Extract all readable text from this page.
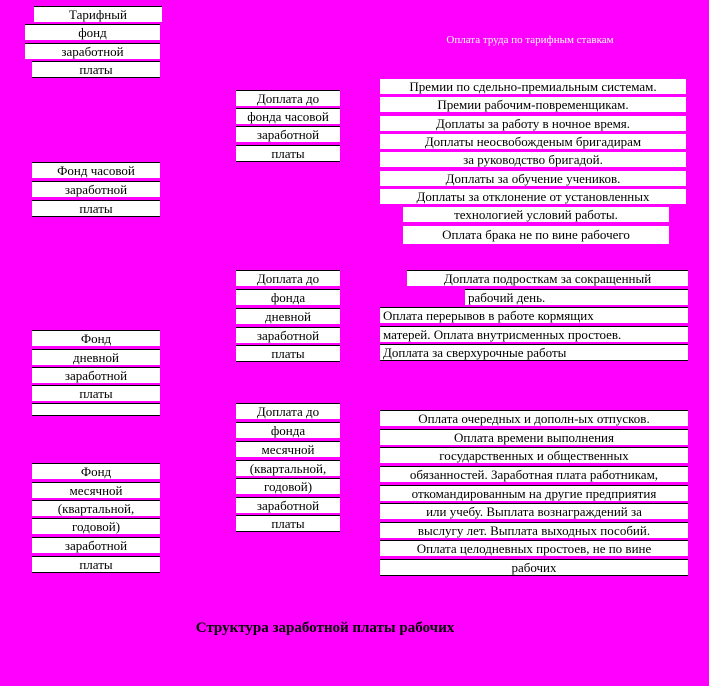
Оплата труда по тарифным ставкам
Тарифный
фонд
заработной
платы
Фонд часовой
заработной
платы
Фонд
дневной
заработной
платы
Фонд
месячной
(квартальной,
годовой)
заработной
платы
Доплата до
фонда часовой
заработной
платы
Доплата до
фонда
дневной
заработной
платы
Доплата до
фонда
месячной
(квартальной,
годовой)
заработной
платы
Премии по сдельно-премиальным системам.
Премии рабочим-повременщикам.
Доплаты за работу в ночное время.
Доплаты неосвобожденым бригадирам
за руководство бригадой.
Доплаты за обучение учеников.
Доплаты за отклонение от установленных
технологией условий работы.
Оплата брака не по вине рабочего
Доплата подросткам за сокращенный
рабочий день.
Оплата перерывов в работе кормящих
матерей. Оплата внутрисменных простоев.
Доплата за сверхурочные работы
Оплата очередных и дополн-ых отпусков.
Оплата времени выполнения
государственных и общественных
обязанностей. Заработная плата работникам,
откомандированным на другие предприятия
или учебу. Выплата вознаграждений за
выслугу лет. Выплата выходных пособий.
Оплата целодневных простоев, не по вине
рабочих
Структура заработной платы рабочих
